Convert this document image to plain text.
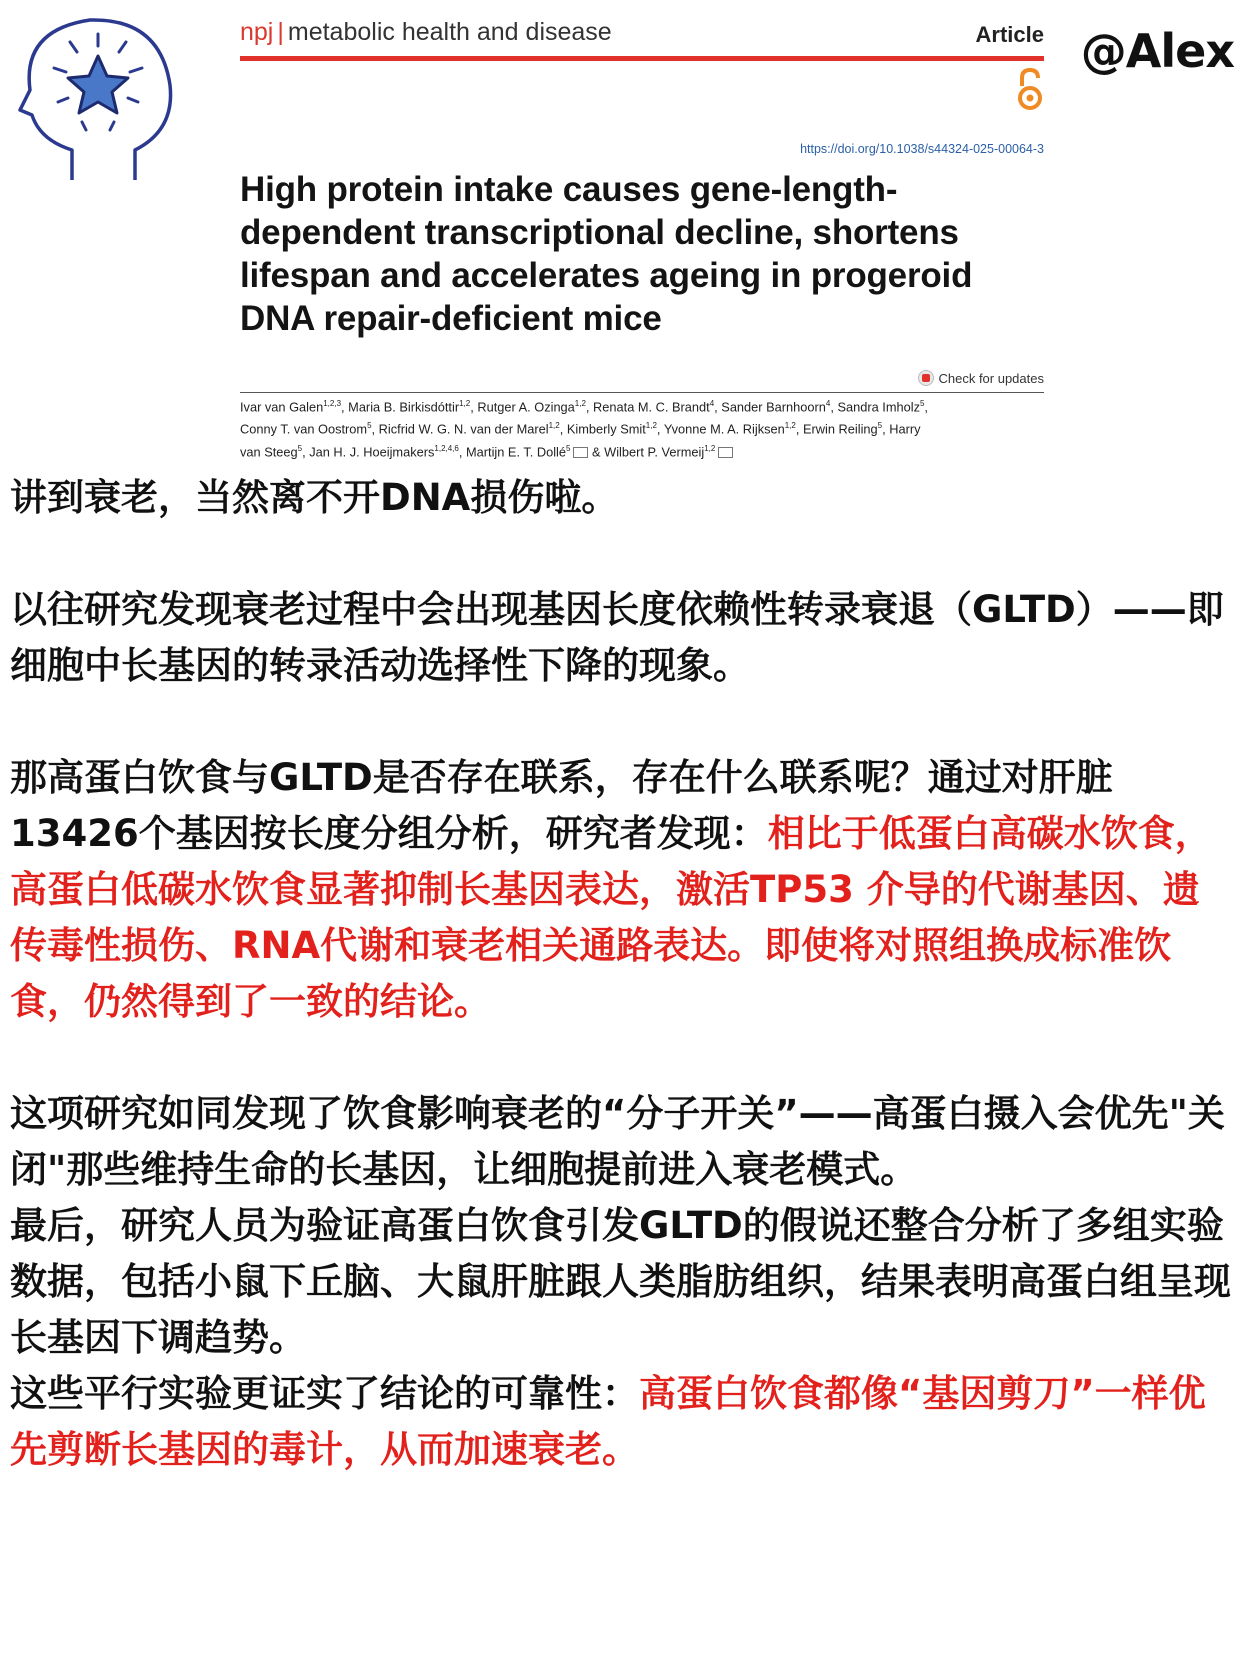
@Alex
npj | metabolic health and disease	Article
https://doi.org/10.1038/s44324-025-00064-3
High protein intake causes gene-length-dependent transcriptional decline, shortens lifespan and accelerates ageing in progeroid DNA repair-deficient mice
Check for updates

Ivar van Galen$^{1,2,3}$, Maria B. Birkisdóttir$^{1,2}$, Rutger A. Ozinga$^{1,2}$, Renata M. C. Brandt$^4$, Sander Barnhoorn$^4$, Sandra Imholz$^5$, Conny T. van Oostrom$^5$, Ricfrid W. G. N. van der Marel$^{1,2}$, Kimberly Smit$^{1,2}$, Yvonne M. A. Rijksen$^{1,2}$, Erwin Reiling$^5$, Harry van Steeg$^5$, Jan H. J. Hoeijmakers$^{1,2,4,6}$, Martijn E. T. Dollé$^5$ & Wilbert P. Vermeij$^{1,2}$

讲到衰老，当然离不开DNA损伤啦。

以往研究发现衰老过程中会出现基因长度依赖性转录衰退（GLTD）——即细胞中长基因的转录活动选择性下降的现象。

那高蛋白饮食与GLTD是否存在联系，存在什么联系呢？通过对肝脏13426个基因按长度分组分析，研究者发现：相比于低蛋白高碳水饮食，高蛋白低碳水饮食显著抑制长基因表达，激活TP53 介导的代谢基因、遗传毒性损伤、RNA代谢和衰老相关通路表达。即使将对照组换成标准饮食，仍然得到了一致的结论。

这项研究如同发现了饮食影响衰老的“分子开关”——高蛋白摄入会优先"关闭"那些维持生命的长基因，让细胞提前进入衰老模式。

最后，研究人员为验证高蛋白饮食引发GLTD的假说还整合分析了多组实验数据，包括小鼠下丘脑、大鼠肝脏跟人类脂肪组织，结果表明高蛋白组呈现长基因下调趋势。

这些平行实验更证实了结论的可靠性：高蛋白饮食都像“基因剪刀”一样优先剪断长基因的毒计，从而加速衰老。
